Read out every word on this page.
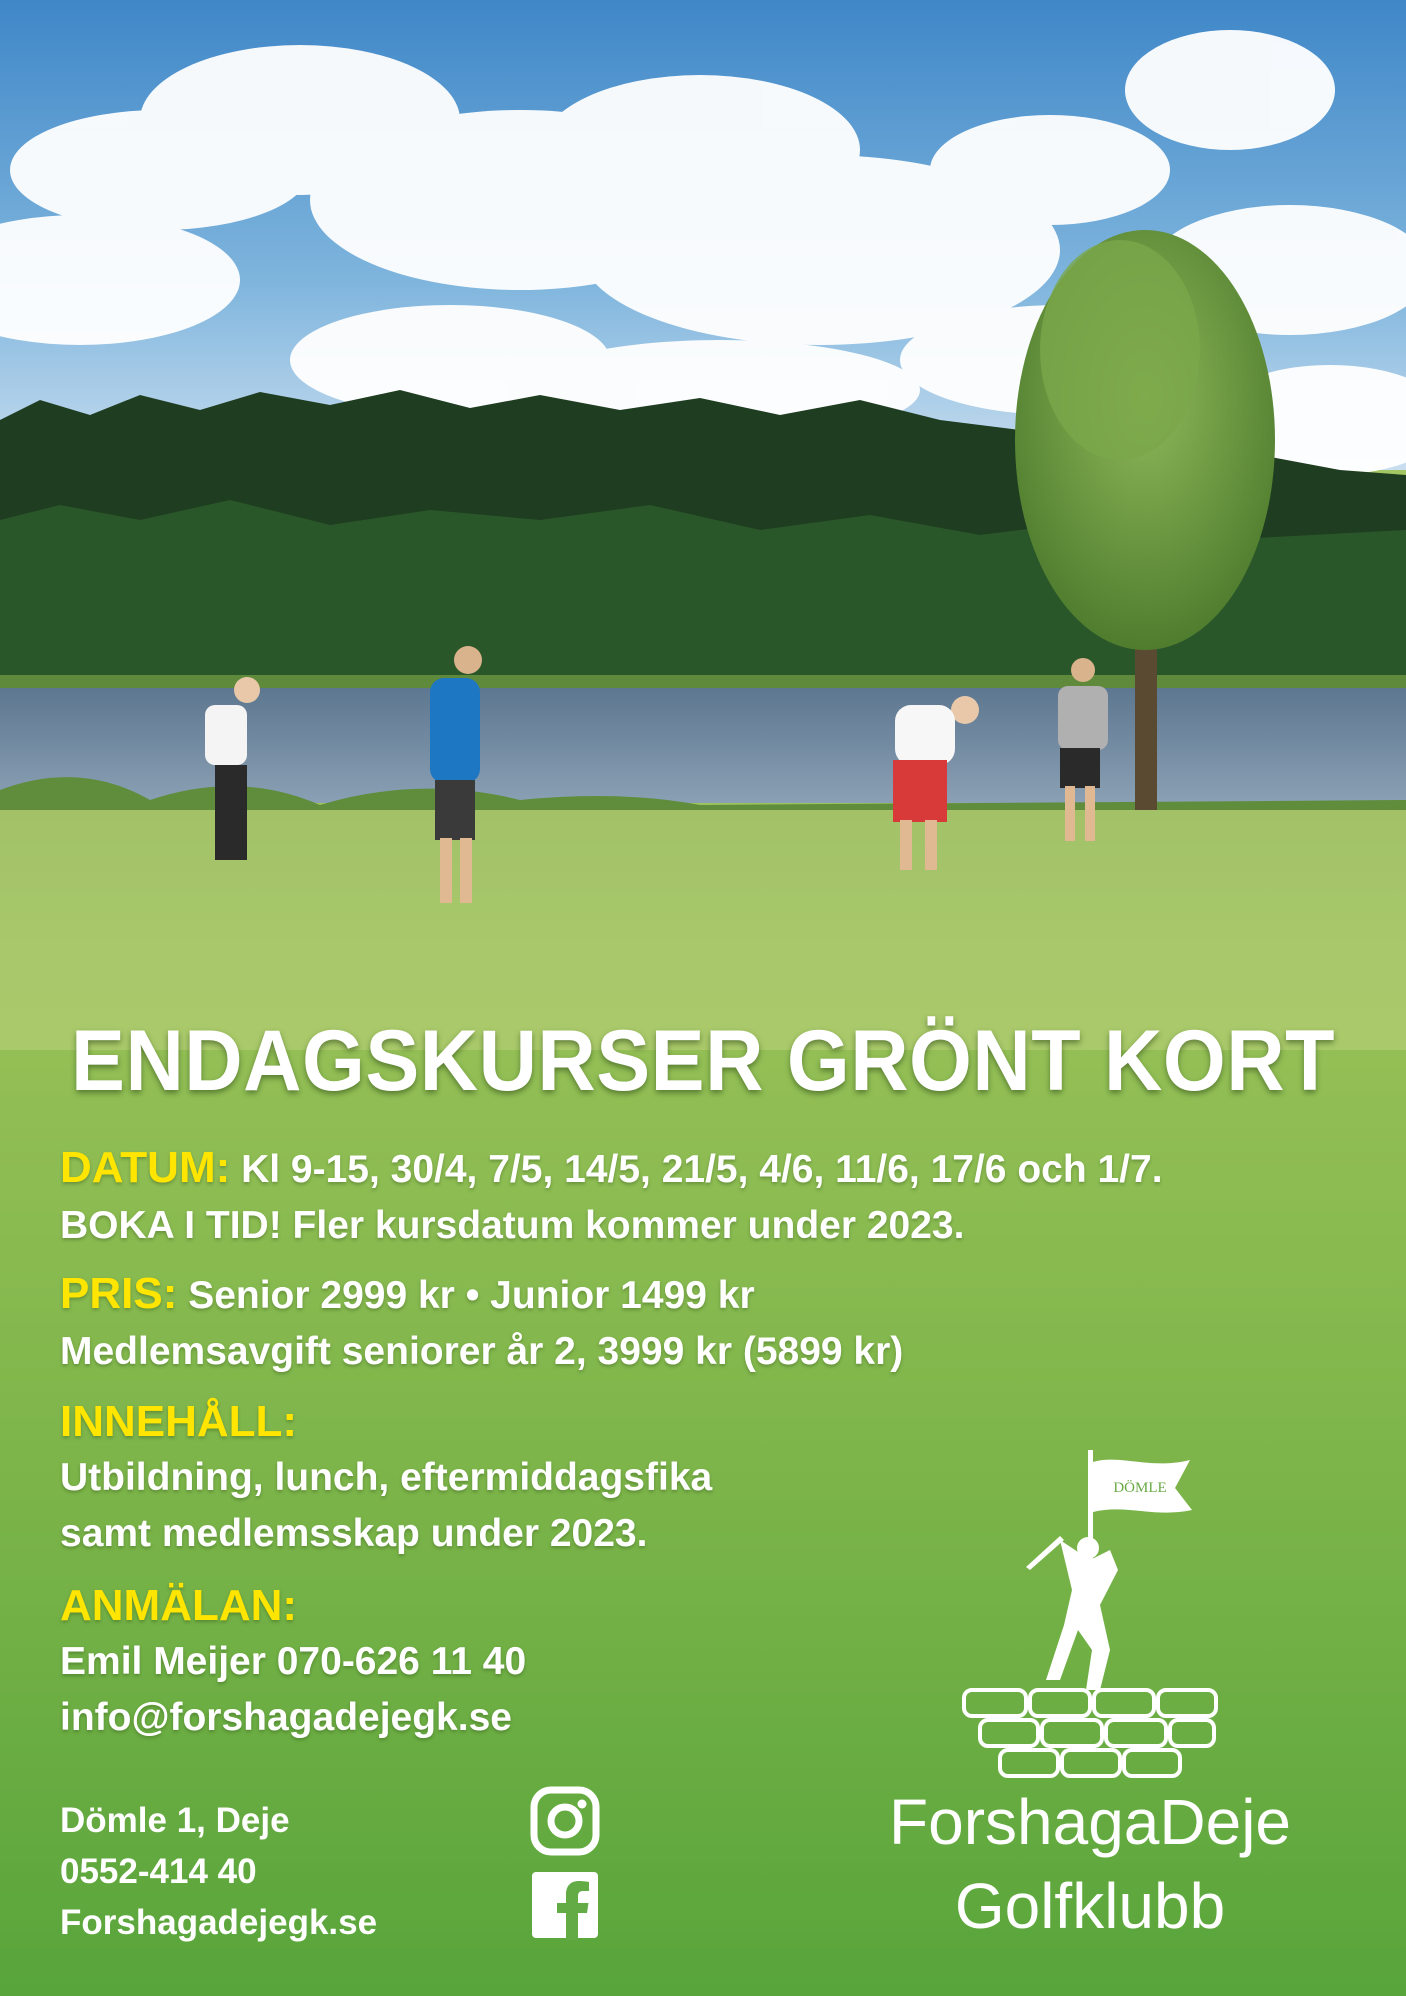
ENDAGSKURSER GRÖNT KORT
DATUM: Kl 9-15, 30/4, 7/5, 14/5, 21/5, 4/6, 11/6, 17/6 och 1/7.
BOKA I TID! Fler kursdatum kommer under 2023.
PRIS: Senior 2999 kr • Junior 1499 kr
Medlemsavgift seniorer år 2, 3999 kr (5899 kr)
INNEHÅLL:
Utbildning, lunch, eftermiddagsfika
samt medlemsskap under 2023.
ANMÄLAN:
Emil Meijer 070-626 11 40
info@forshagadejegk.se
Dömle 1, Deje
0552-414 40
Forshagadejegk.se
DÖMLE
ForshagaDeje
Golfklubb
